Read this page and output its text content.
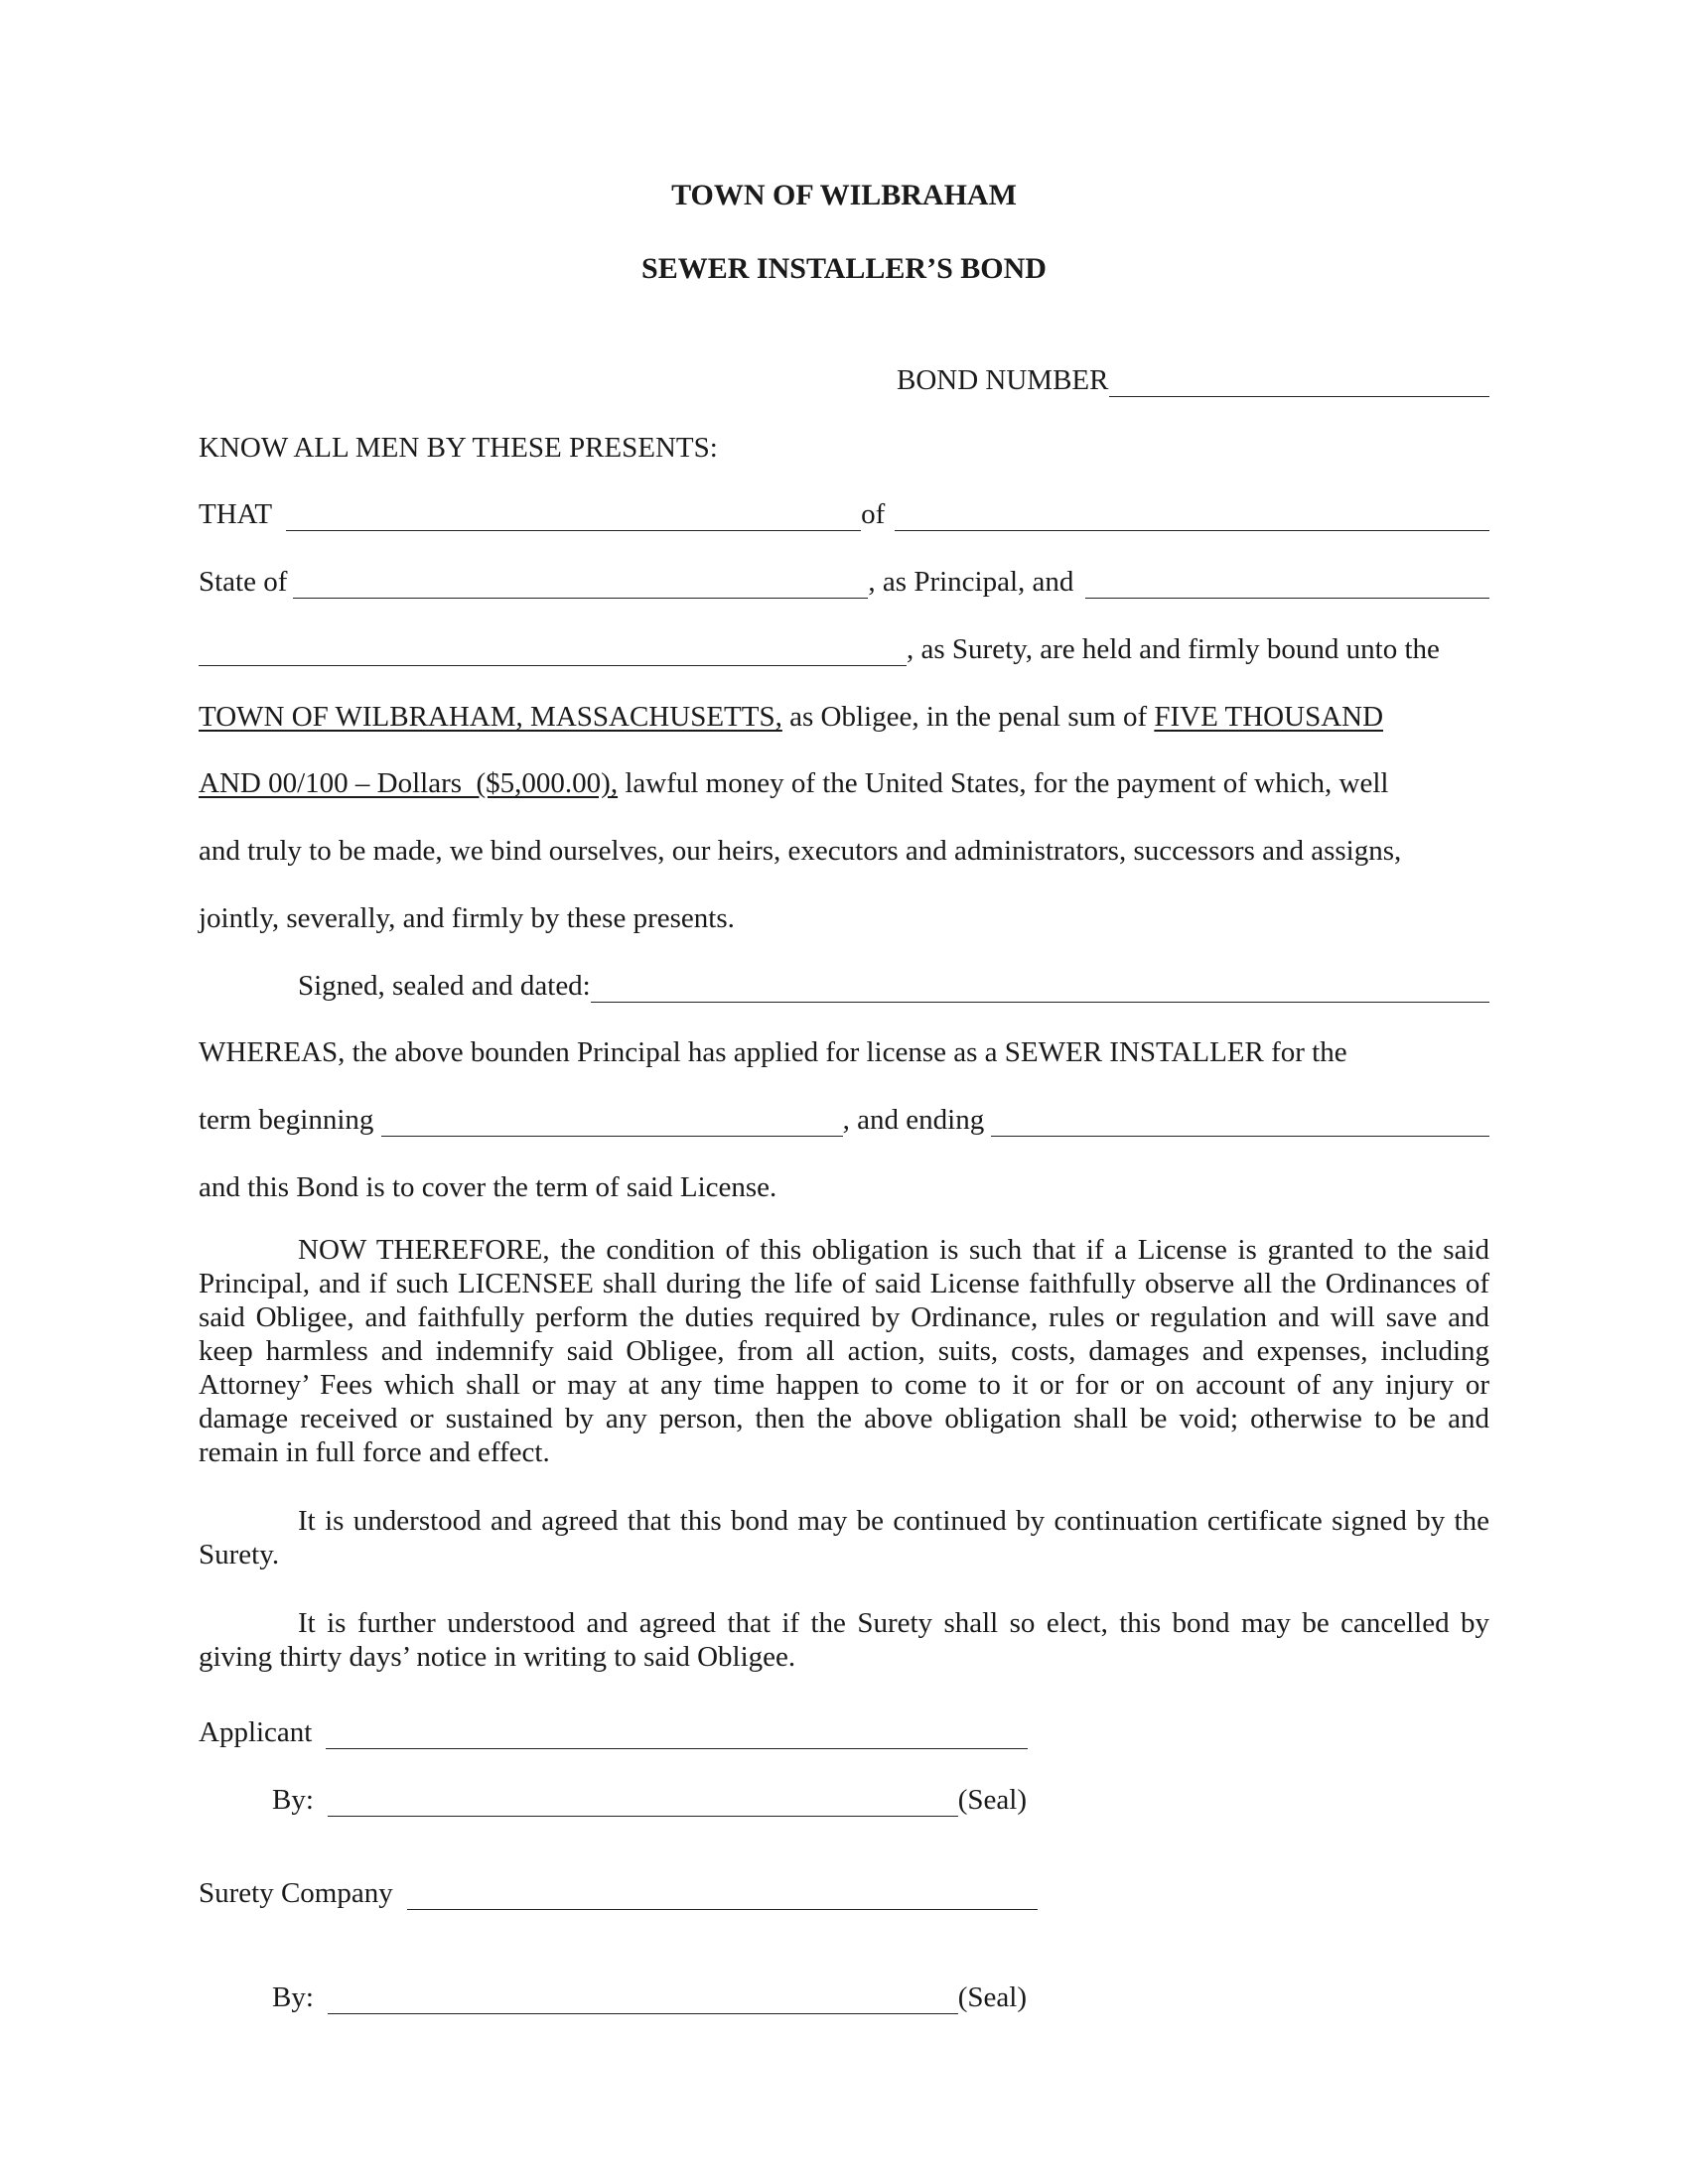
TOWN OF WILBRAHAM
SEWER INSTALLER’S BOND
BOND NUMBER
KNOW ALL MEN BY THESE PRESENTS:
THAT	of
State of	, as Principal, and
, as Surety, are held and firmly bound unto the
TOWN OF WILBRAHAM, MASSACHUSETTS, as Obligee, in the penal sum of FIVE THOUSAND
AND 00/100 – Dollars  ($5,000.00), lawful money of the United States, for the payment of which, well
and truly to be made, we bind ourselves, our heirs, executors and administrators, successors and assigns,
jointly, severally, and firmly by these presents.
Signed, sealed and dated:
WHEREAS, the above bounden Principal has applied for license as a SEWER INSTALLER for the
term beginning	, and ending
and this Bond is to cover the term of said License.
NOW THEREFORE, the condition of this obligation is such that if a License is granted to the said Principal, and if such LICENSEE shall during the life of said License faithfully observe all the Ordinances of said Obligee, and faithfully perform the duties required by Ordinance, rules or regulation and will save and keep harmless and indemnify said Obligee, from all action, suits, costs, damages and expenses, including Attorney’ Fees which shall or may at any time happen to come to it or for or on account of any injury or damage received or sustained by any person, then the above obligation shall be void; otherwise to be and remain in full force and effect.
It is understood and agreed that this bond may be continued by continuation certificate signed by the Surety.
It is further understood and agreed that if the Surety shall so elect, this bond may be cancelled by giving thirty days’ notice in writing to said Obligee.
Applicant
By:	(Seal)
Surety Company
By:	(Seal)
